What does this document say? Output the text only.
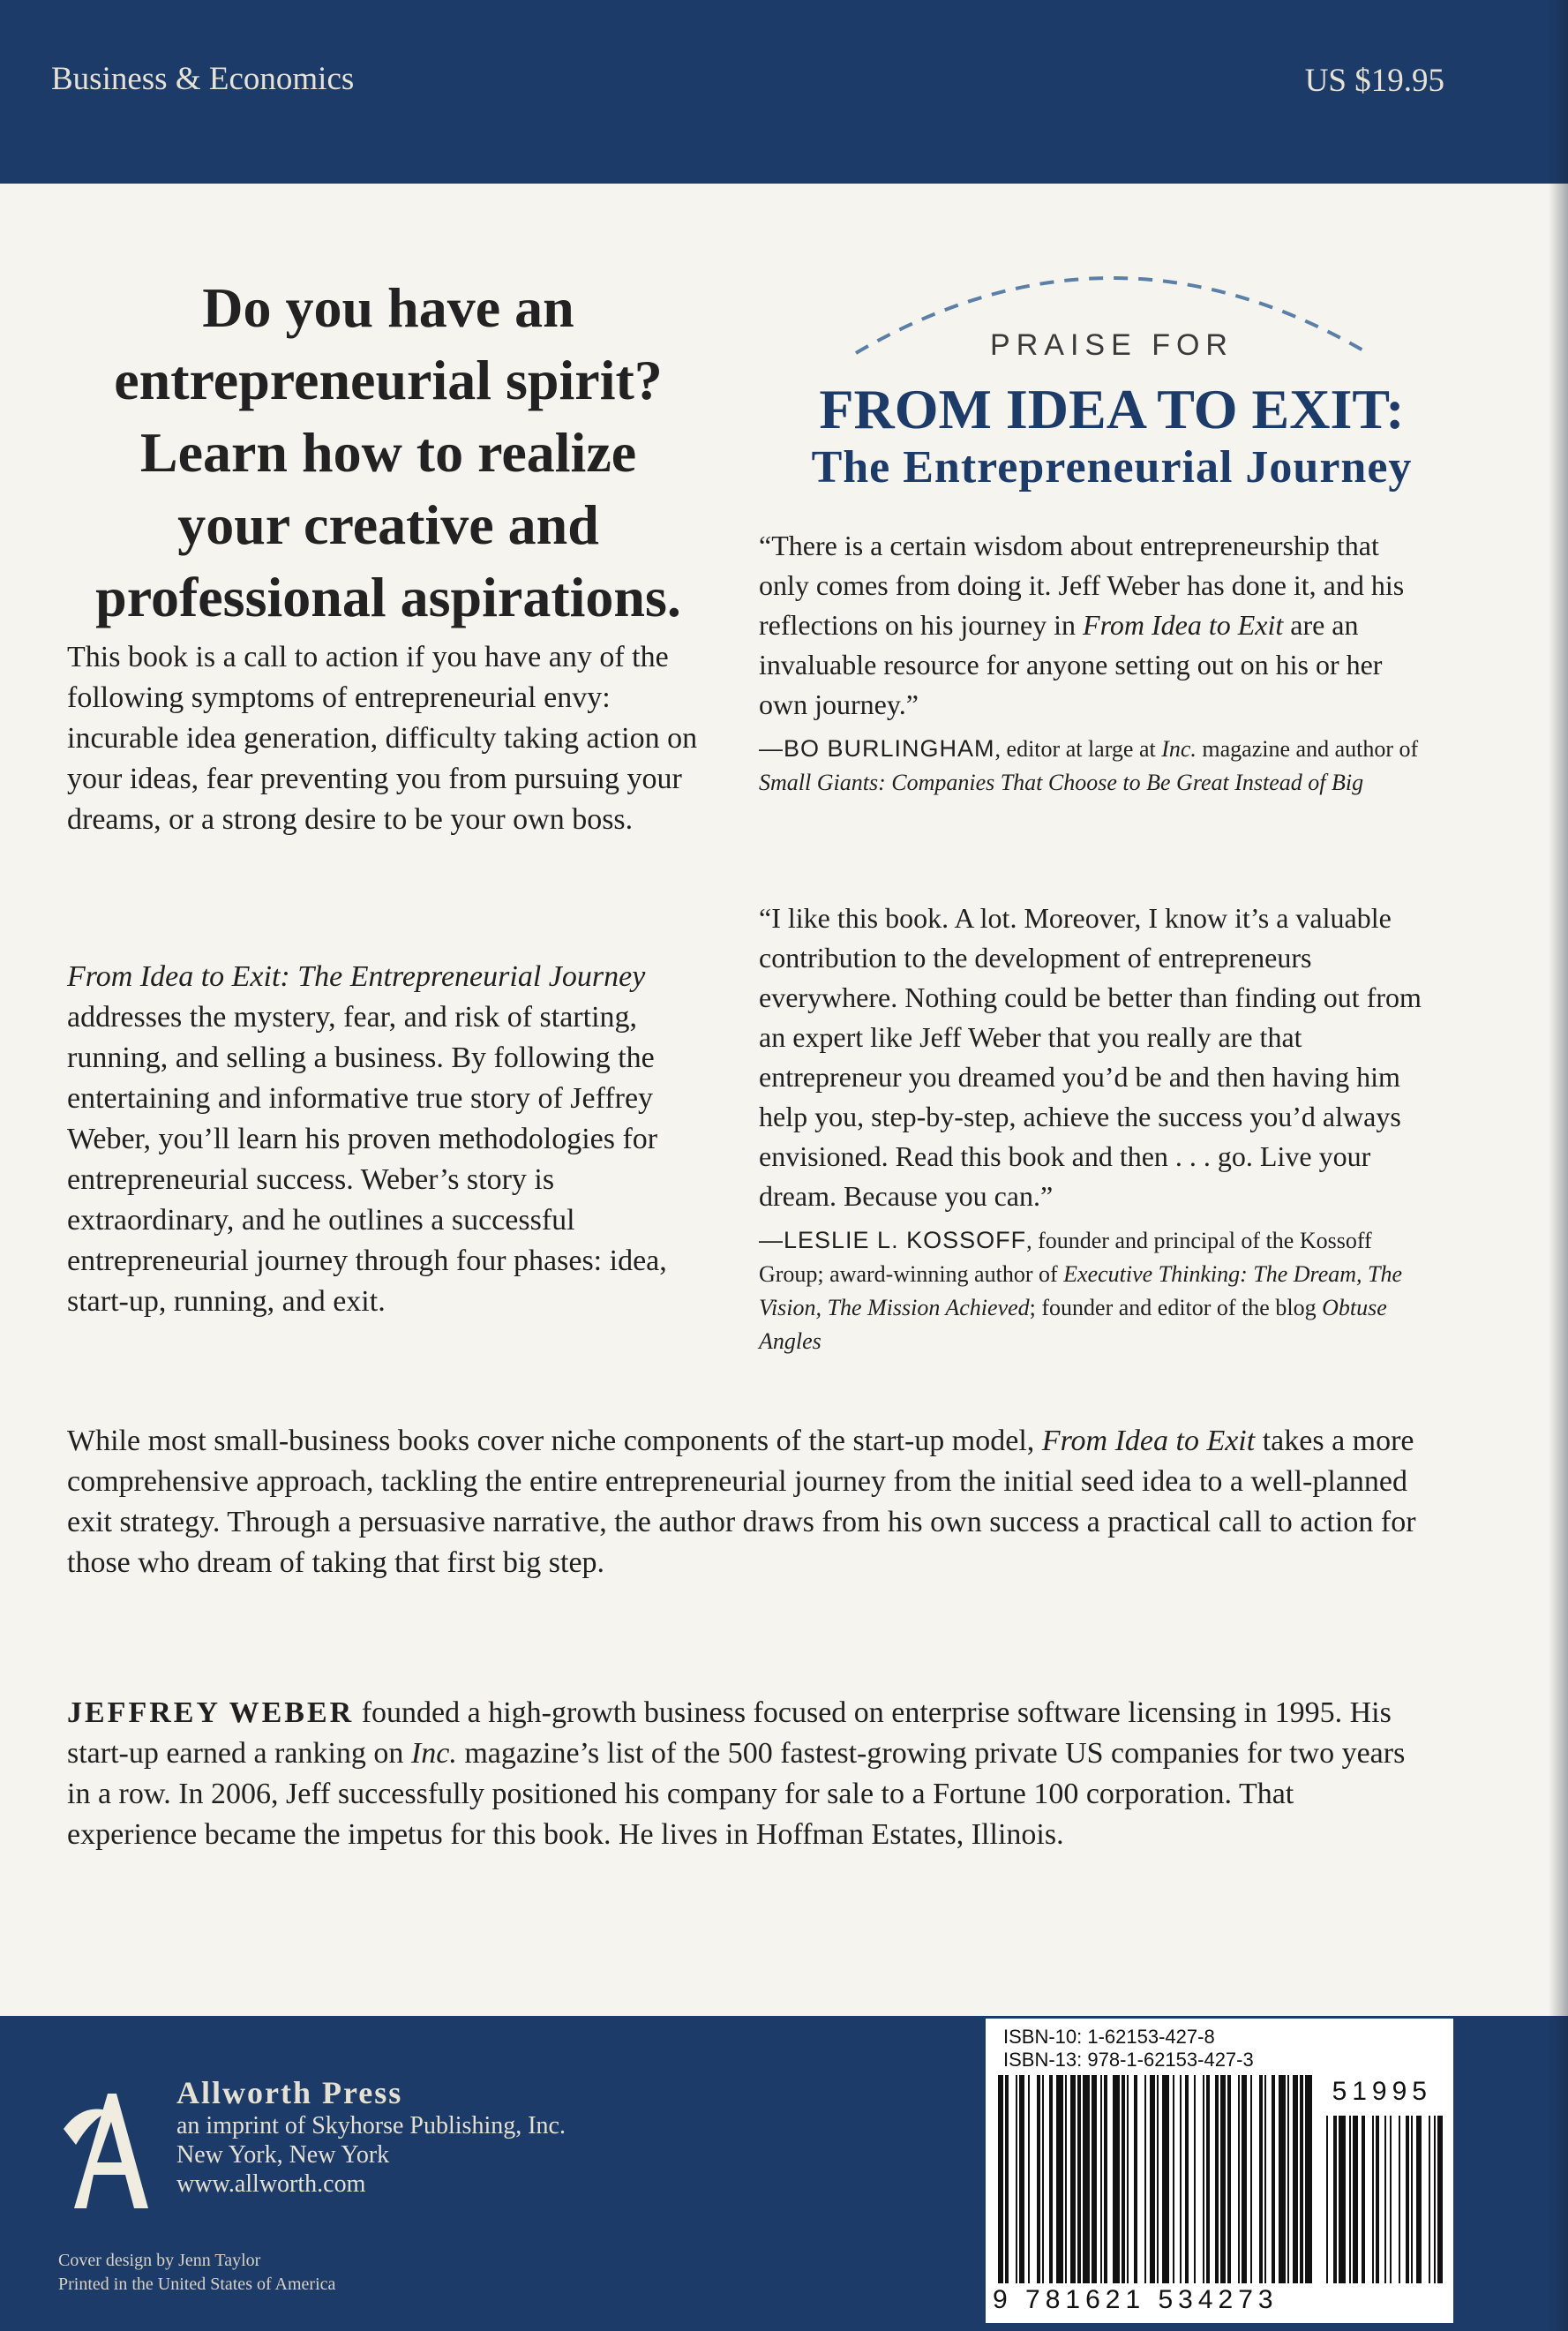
Business & Economics	US $19.95
Do you have an
entrepreneurial spirit?
Learn how to realize
your creative and
professional aspirations.
PRAISE FOR
FROM IDEA TO EXIT:
The Entrepreneurial Journey
“There is a certain wisdom about entrepreneurship that only comes from doing it. Jeff Weber has done it, and his reflections on his journey in From Idea to Exit are an invaluable resource for anyone setting out on his or her own journey.”
—BO BURLINGHAM, editor at large at Inc. magazine and author of Small Giants: Companies That Choose to Be Great Instead of Big
“I like this book. A lot. Moreover, I know it’s a valuable contribution to the development of entrepreneurs everywhere. Nothing could be better than finding out from an expert like Jeff Weber that you really are that entrepreneur you dreamed you’d be and then having him help you, step-by-step, achieve the success you’d always envisioned. Read this book and then . . . go. Live your dream. Because you can.”
—LESLIE L. KOSSOFF, founder and principal of the Kossoff Group; award-winning author of Executive Thinking: The Dream, The Vision, The Mission Achieved; founder and editor of the blog Obtuse Angles
This book is a call to action if you have any of the following symptoms of entrepreneurial envy: incurable idea generation, difficulty taking action on your ideas, fear preventing you from pursuing your dreams, or a strong desire to be your own boss.
From Idea to Exit: The Entrepreneurial Journey addresses the mystery, fear, and risk of starting, running, and selling a business. By following the entertaining and informative true story of Jeffrey Weber, you’ll learn his proven methodologies for entrepreneurial success. Weber’s story is extraordinary, and he outlines a successful entrepreneurial journey through four phases: idea, start-up, running, and exit.
While most small-business books cover niche components of the start-up model, From Idea to Exit takes a more comprehensive approach, tackling the entire entrepreneurial journey from the initial seed idea to a well-planned exit strategy. Through a persuasive narrative, the author draws from his own success a practical call to action for those who dream of taking that first big step.
JEFFREY WEBER founded a high-growth business focused on enterprise software licensing in 1995. His start-up earned a ranking on Inc. magazine’s list of the 500 fastest-growing private US companies for two years in a row. In 2006, Jeff successfully positioned his company for sale to a Fortune 100 corporation. That experience became the impetus for this book. He lives in Hoffman Estates, Illinois.
Allworth Press
an imprint of Skyhorse Publishing, Inc.
New York, New York
www.allworth.com
Cover design by Jenn Taylor
Printed in the United States of America
ISBN-10: 1-62153-427-8
ISBN-13: 978-1-62153-427-3
51995
9 781621 534273
